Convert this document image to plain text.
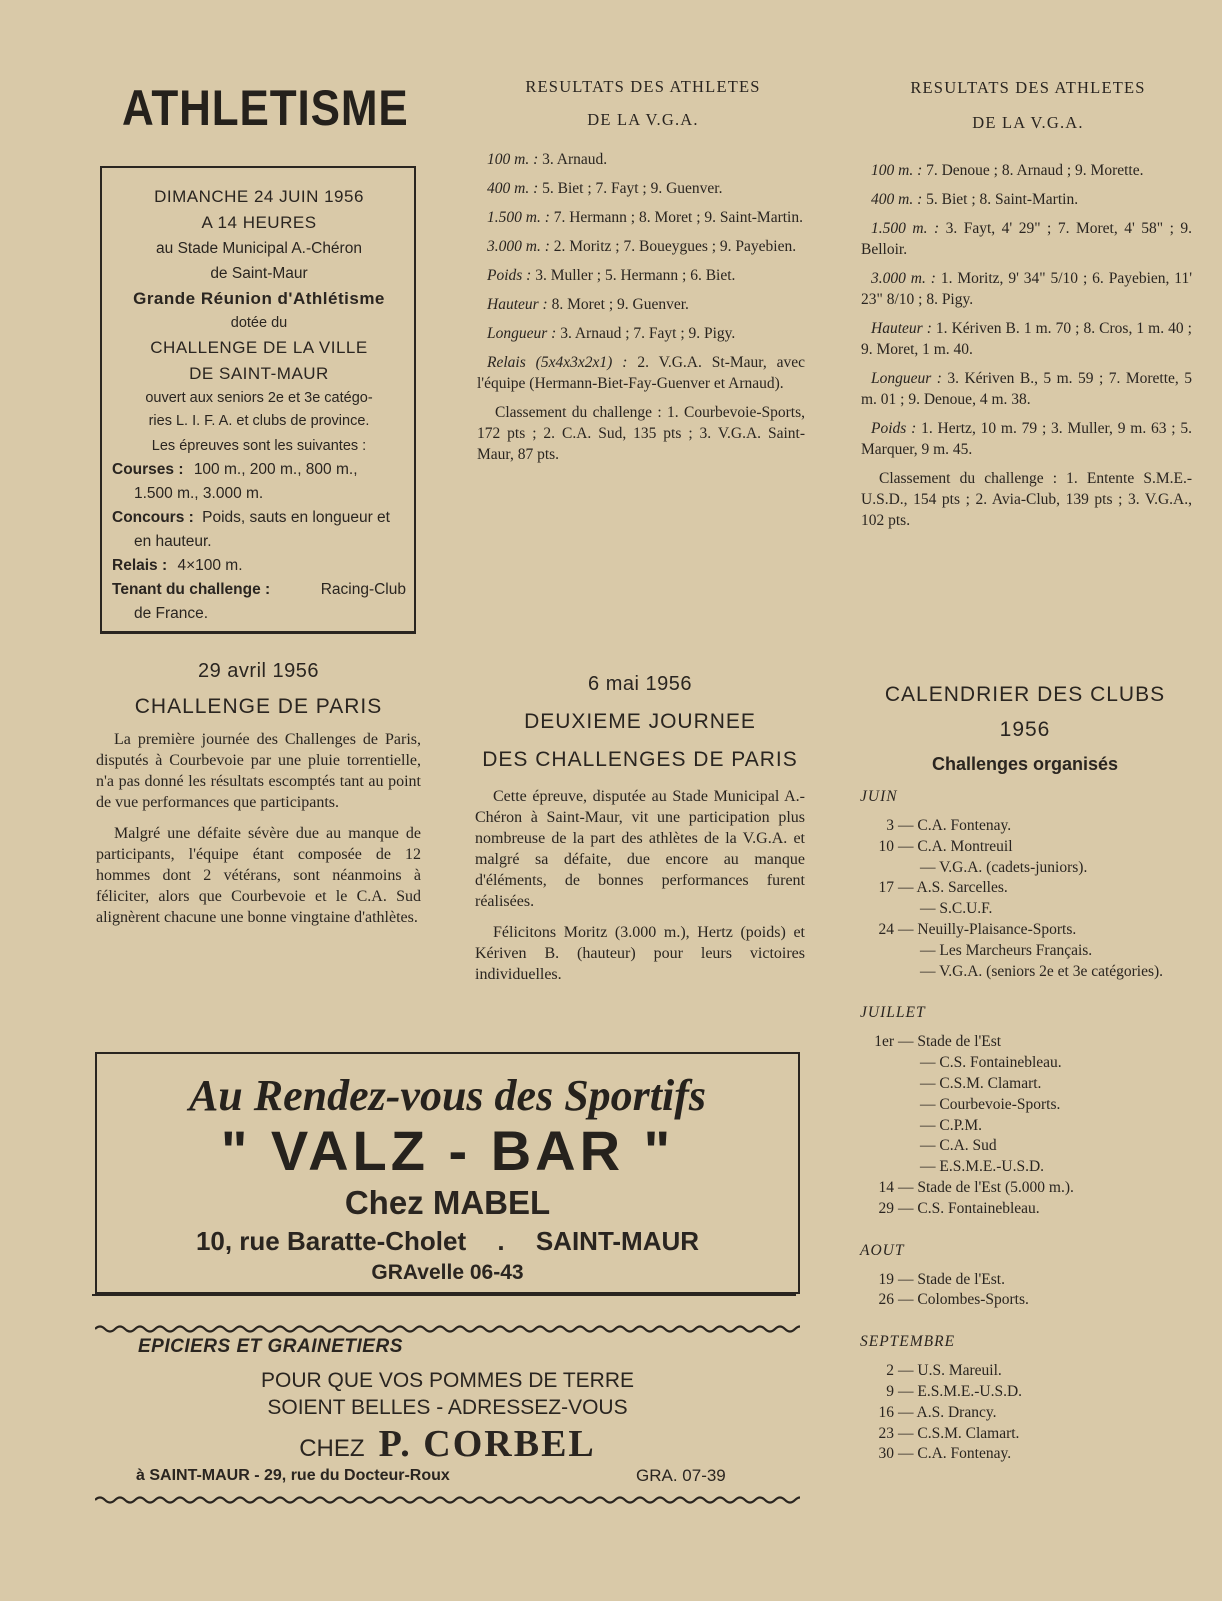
ATHLETISME
DIMANCHE 24 JUIN 1956
A 14 HEURES
au Stade Municipal A.-Chéron
de Saint-Maur
Grande Réunion d'Athlétisme
dotée du
CHALLENGE DE LA VILLE
DE SAINT-MAUR
ouvert aux seniors 2e et 3e catégo-
ries L. I. F. A. et clubs de province.
Les épreuves sont les suivantes :
Courses : 100 m., 200 m., 800 m.,
1.500 m., 3.000 m.
Concours : Poids, sauts en longueur et
en hauteur.
Relais : 4×100 m.
Tenant du challenge :	Racing-Club
de France.
RESULTATS DES ATHLETES
DE LA V.G.A.
100 m. : 3. Arnaud.
400 m. : 5. Biet ; 7. Fayt ; 9. Guenver.
1.500 m. : 7. Hermann ; 8. Moret ; 9. Saint-Martin.
3.000 m. : 2. Moritz ; 7. Boueygues ; 9. Payebien.
Poids : 3. Muller ; 5. Hermann ; 6. Biet.
Hauteur : 8. Moret ; 9. Guenver.
Longueur : 3. Arnaud ; 7. Fayt ; 9. Pigy.
Relais (5x4x3x2x1) : 2. V.G.A. St-Maur, avec l'équipe (Hermann-Biet-Fay-Guenver et Arnaud).
Classement du challenge : 1. Courbevoie-Sports, 172 pts ; 2. C.A. Sud, 135 pts ; 3. V.G.A. Saint-Maur, 87 pts.
RESULTATS DES ATHLETES
DE LA V.G.A.
100 m. : 7. Denoue ; 8. Arnaud ; 9. Morette.
400 m. : 5. Biet ; 8. Saint-Martin.
1.500 m. : 3. Fayt, 4' 29" ; 7. Moret, 4' 58" ; 9. Belloir.
3.000 m. : 1. Moritz, 9' 34" 5/10 ; 6. Payebien, 11' 23" 8/10 ; 8. Pigy.
Hauteur : 1. Kériven B. 1 m. 70 ; 8. Cros, 1 m. 40 ; 9. Moret, 1 m. 40.
Longueur : 3. Kériven B., 5 m. 59 ; 7. Morette, 5 m. 01 ; 9. Denoue, 4 m. 38.
Poids : 1. Hertz, 10 m. 79 ; 3. Muller, 9 m. 63 ; 5. Marquer, 9 m. 45.
Classement du challenge : 1. Entente S.M.E.-U.S.D., 154 pts ; 2. Avia-Club, 139 pts ; 3. V.G.A., 102 pts.
29 avril 1956
CHALLENGE DE PARIS

La première journée des Challenges de Paris, disputés à Courbevoie par une pluie torrentielle, n'a pas donné les résultats escomptés tant au point de vue performances que participants.

Malgré une défaite sévère due au manque de participants, l'équipe étant composée de 12 hommes dont 2 vétérans, sont néanmoins à féliciter, alors que Courbevoie et le C.A. Sud alignèrent chacune une bonne vingtaine d'athlètes.

6 mai 1956
DEUXIEME JOURNEE
DES CHALLENGES DE PARIS

Cette épreuve, disputée au Stade Municipal A.-Chéron à Saint-Maur, vit une participation plus nombreuse de la part des athlètes de la V.G.A. et malgré sa défaite, due encore au manque d'éléments, de bonnes performances furent réalisées.

Félicitons Moritz (3.000 m.), Hertz (poids) et Kériven B. (hauteur) pour leurs victoires individuelles.

CALENDRIER DES CLUBS
1956
Challenges organisés
JUIN
3 — C.A. Fontenay.
10 — C.A. Montreuil
— V.G.A. (cadets-juniors).
17 — A.S. Sarcelles.
— S.C.U.F.
24 — Neuilly-Plaisance-Sports.
— Les Marcheurs Français.
— V.G.A. (seniors 2e et 3e catégories).
JUILLET
1er — Stade de l'Est
— C.S. Fontainebleau.
— C.S.M. Clamart.
— Courbevoie-Sports.
— C.P.M.
— C.A. Sud
— E.S.M.E.-U.S.D.
14 — Stade de l'Est (5.000 m.).
29 — C.S. Fontainebleau.
AOUT
19 — Stade de l'Est.
26 — Colombes-Sports.
SEPTEMBRE
2 — U.S. Mareuil.
9 — E.S.M.E.-U.S.D.
16 — A.S. Drancy.
23 — C.S.M. Clamart.
30 — C.A. Fontenay.
Au Rendez-vous des Sportifs
" VALZ - BAR "
Chez MABEL
10, rue Baratte-Cholet . SAINT-MAUR
GRAvelle 06-43
EPICIERS ET GRAINETIERS
POUR QUE VOS POMMES DE TERRE
SOIENT BELLES - ADRESSEZ-VOUS
CHEZ P. CORBEL
à SAINT-MAUR - 29, rue du Docteur-Roux	GRA. 07-39
